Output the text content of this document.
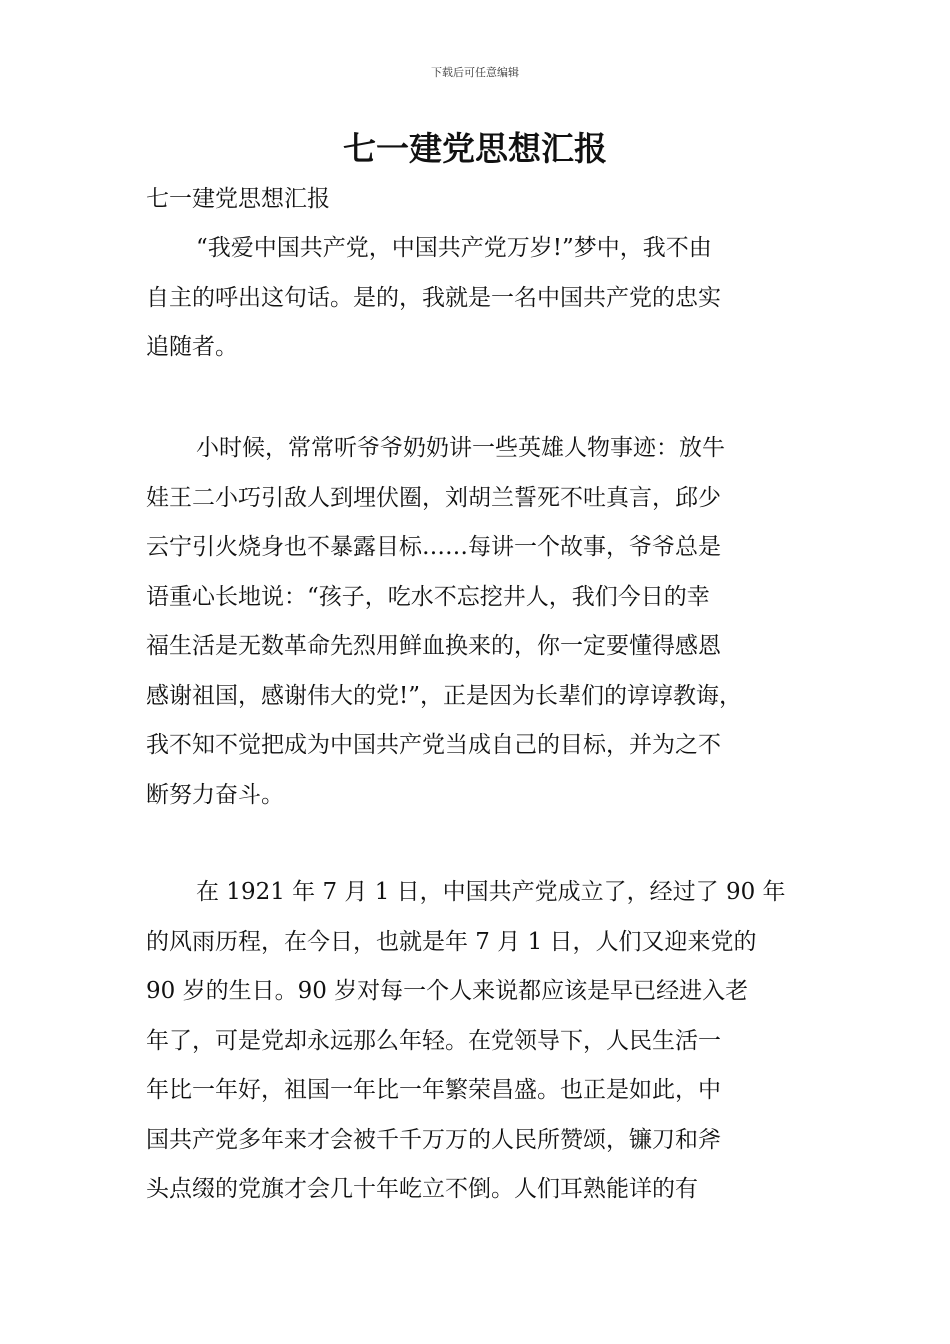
下载后可任意编辑
七一建党思想汇报

七一建党思想汇报

“我爱中国共产党，中国共产党万岁!”梦中，我不由
自主的呼出这句话。是的，我就是一名中国共产党的忠实
追随者。
小时候，常常听爷爷奶奶讲一些英雄人物事迹：放牛
娃王二小巧引敌人到埋伏圈，刘胡兰誓死不吐真言，邱少
云宁引火烧身也不暴露目标……每讲一个故事，爷爷总是
语重心长地说：“孩子，吃水不忘挖井人，我们今日的幸
福生活是无数革命先烈用鲜血换来的，你一定要懂得感恩
感谢祖国，感谢伟大的党!”，正是因为长辈们的谆谆教诲，
我不知不觉把成为中国共产党当成自己的目标，并为之不
断努力奋斗。
在 1921 年 7 月 1 日，中国共产党成立了，经过了 90 年
的风雨历程，在今日，也就是年 7 月 1 日，人们又迎来党的
90 岁的生日。90 岁对每一个人来说都应该是早已经进入老
年了，可是党却永远那么年轻。在党领导下，人民生活一
年比一年好，祖国一年比一年繁荣昌盛。也正是如此，中
国共产党多年来才会被千千万万的人民所赞颂，镰刀和斧
头点缀的党旗才会几十年屹立不倒。人们耳熟能详的有
